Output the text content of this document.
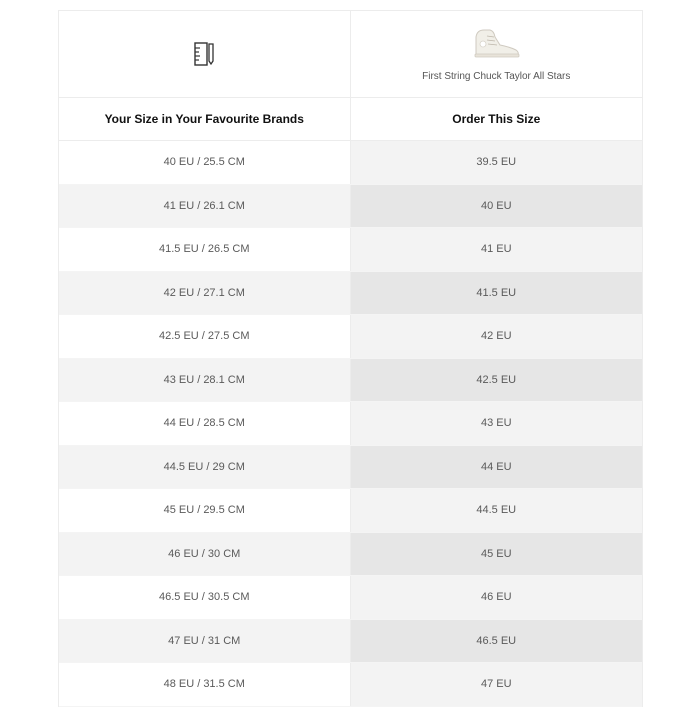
First String Chuck Taylor All Stars
Your Size in Your Favourite Brands	Order This Size
40 EU / 25.5 CM	39.5 EU
41 EU / 26.1 CM	40 EU
41.5 EU / 26.5 CM	41 EU
42 EU / 27.1 CM	41.5 EU
42.5 EU / 27.5 CM	42 EU
43 EU / 28.1 CM	42.5 EU
44 EU / 28.5 CM	43 EU
44.5 EU / 29 CM	44 EU
45 EU / 29.5 CM	44.5 EU
46 EU / 30 CM	45 EU
46.5 EU / 30.5 CM	46 EU
47 EU / 31 CM	46.5 EU
48 EU / 31.5 CM	47 EU
